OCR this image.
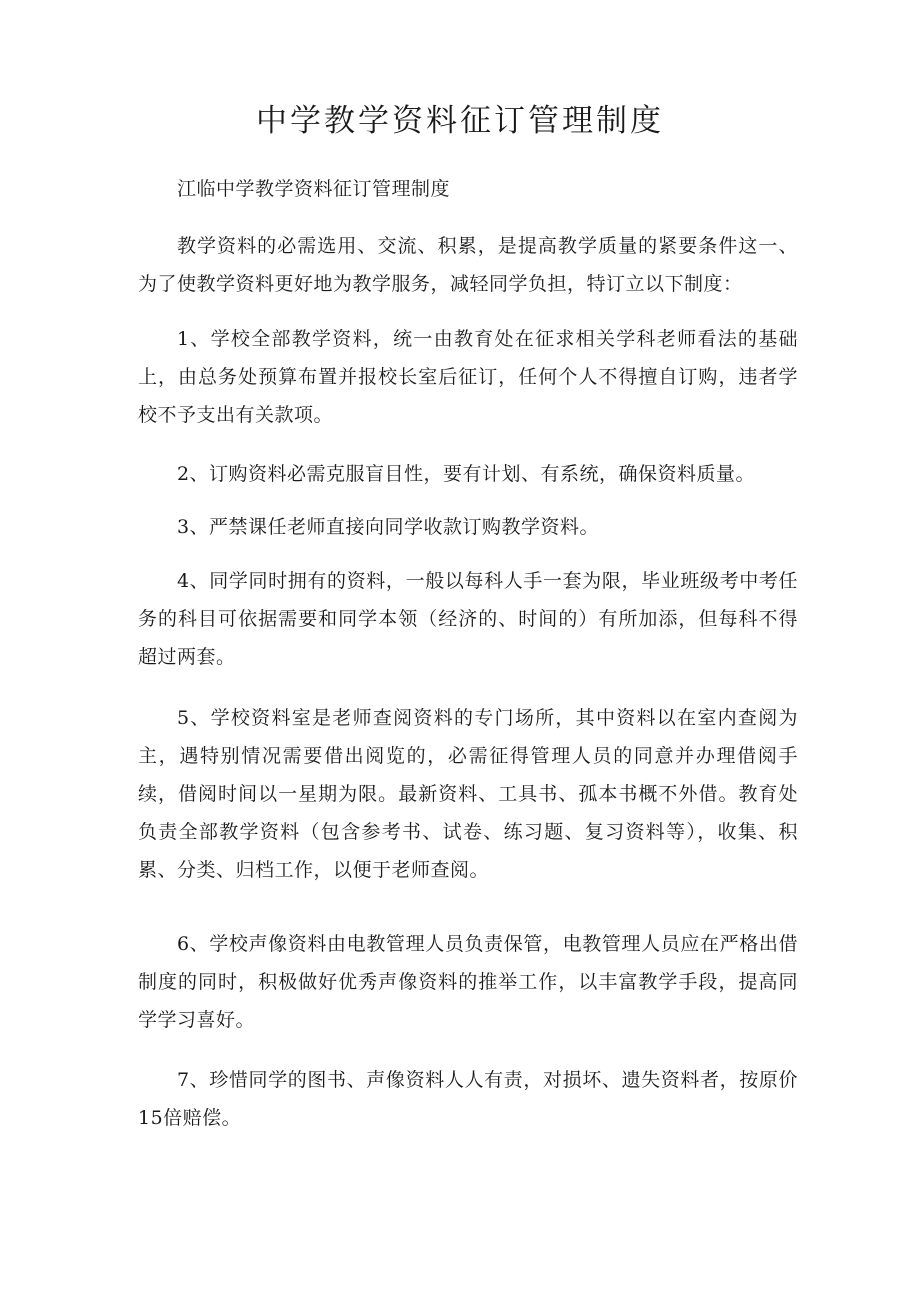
中学教学资料征订管理制度

江临中学教学资料征订管理制度

教学资料的必需选用、交流、积累，是提高教学质量的紧要条件这一、为了使教学资料更好地为教学服务，减轻同学负担，特订立以下制度：

1、学校全部教学资料，统一由教育处在征求相关学科老师看法的基础上，由总务处预算布置并报校长室后征订，任何个人不得擅自订购，违者学校不予支出有关款项。

2、订购资料必需克服盲目性，要有计划、有系统，确保资料质量。

3、严禁课任老师直接向同学收款订购教学资料。

4、同学同时拥有的资料，一般以每科人手一套为限，毕业班级考中考任务的科目可依据需要和同学本领（经济的、时间的）有所加添，但每科不得超过两套。

5、学校资料室是老师查阅资料的专门场所，其中资料以在室内查阅为主，遇特别情况需要借出阅览的，必需征得管理人员的同意并办理借阅手续，借阅时间以一星期为限。最新资料、工具书、孤本书概不外借。教育处负责全部教学资料（包含参考书、试卷、练习题、复习资料等），收集、积累、分类、归档工作，以便于老师查阅。

6、学校声像资料由电教管理人员负责保管，电教管理人员应在严格出借制度的同时，积极做好优秀声像资料的推举工作，以丰富教学手段，提高同学学习喜好。

7、珍惜同学的图书、声像资料人人有责，对损坏、遗失资料者，按原价15倍赔偿。
